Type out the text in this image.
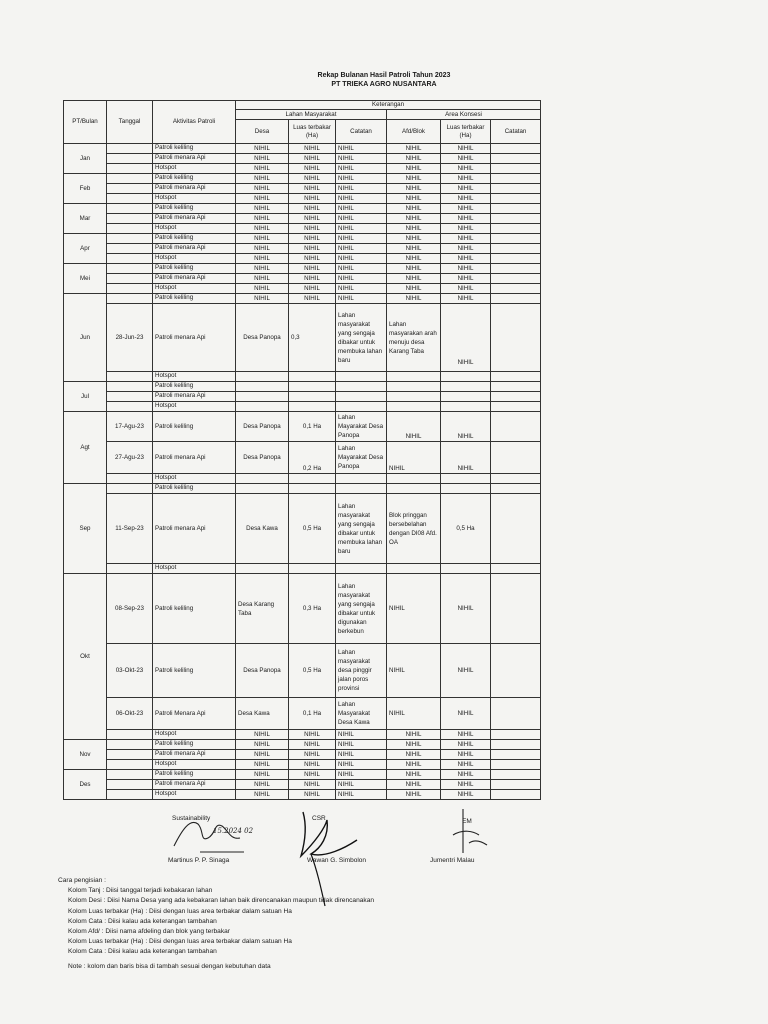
Rekap Bulanan Hasil Patroli Tahun 2023
PT TRIEKA AGRO NUSANTARA
PT/Bulan	Tanggal	Aktivitas Patroli	Keterangan					
			Lahan Masyarakat			Area Konsesi		
			Desa	Luas terbakar (Ha)	Catatan	Afd/Blok	Luas terbakar (Ha)	Catatan
Jan		Patroli keliling	NIHIL	NIHIL	NIHIL	NIHIL	NIHIL	
		Patroli menara Api	NIHIL	NIHIL	NIHIL	NIHIL	NIHIL	
		Hotspot	NIHIL	NIHIL	NIHIL	NIHIL	NIHIL	
Feb		Patroli keliling	NIHIL	NIHIL	NIHIL	NIHIL	NIHIL	
		Patroli menara Api	NIHIL	NIHIL	NIHIL	NIHIL	NIHIL	
		Hotspot	NIHIL	NIHIL	NIHIL	NIHIL	NIHIL	
Mar		Patroli keliling	NIHIL	NIHIL	NIHIL	NIHIL	NIHIL	
		Patroli menara Api	NIHIL	NIHIL	NIHIL	NIHIL	NIHIL	
		Hotspot	NIHIL	NIHIL	NIHIL	NIHIL	NIHIL	
Apr		Patroli keliling	NIHIL	NIHIL	NIHIL	NIHIL	NIHIL	
		Patroli menara Api	NIHIL	NIHIL	NIHIL	NIHIL	NIHIL	
		Hotspot	NIHIL	NIHIL	NIHIL	NIHIL	NIHIL	
Mei		Patroli keliling	NIHIL	NIHIL	NIHIL	NIHIL	NIHIL	
		Patroli menara Api	NIHIL	NIHIL	NIHIL	NIHIL	NIHIL	
		Hotspot	NIHIL	NIHIL	NIHIL	NIHIL	NIHIL	
Jun		Patroli keliling	NIHIL	NIHIL	NIHIL	NIHIL	NIHIL	
	28-Jun-23	Patroli menara Api	Desa Panopa	0,3	Lahan masyarakat yang sengaja dibakar untuk membuka lahan baru	Lahan masyarakan arah menuju desa Karang Taba	NIHIL	
		Hotspot						
Jul		Patroli keliling						
		Patroli menara Api						
		Hotspot						
Agt	17-Agu-23	Patroli keliling	Desa Panopa	0,1 Ha	Lahan Mayarakat Desa Panopa	NIHIL	NIHIL	
	27-Agu-23	Patroli menara Api	Desa Panopa	0,2 Ha	Lahan Mayarakat Desa Panopa	NIHIL	NIHIL	
		Hotspot						
Sep		Patroli keliling						
	11-Sep-23	Patroli menara Api	Desa Kawa	0,5 Ha	Lahan masyarakat yang sengaja dibakar untuk membuka lahan baru	Blok pringgan bersebelahan dengan DI08 Afd. OA	0,5 Ha	
		Hotspot						
Okt	08-Sep-23	Patroli keliling	Desa Karang Taba	0,3 Ha	Lahan masyarakat yang sengaja dibakar untuk digunakan berkebun	NIHIL	NIHIL	
	03-Okt-23	Patroli keliling	Desa Panopa	0,5 Ha	Lahan masyarakat desa pinggir jalan poros provinsi	NIHIL	NIHIL	
	06-Okt-23	Patroli Menara Api	Desa Kawa	0,1 Ha	Lahan Masyarakat Desa Kawa	NIHIL	NIHIL	
		Hotspot	NIHIL	NIHIL	NIHIL	NIHIL	NIHIL	
Nov		Patroli keliling	NIHIL	NIHIL	NIHIL	NIHIL	NIHIL	
		Patroli menara Api	NIHIL	NIHIL	NIHIL	NIHIL	NIHIL	
		Hotspot	NIHIL	NIHIL	NIHIL	NIHIL	NIHIL	
Des		Patroli keliling	NIHIL	NIHIL	NIHIL	NIHIL	NIHIL	
		Patroli menara Api	NIHIL	NIHIL	NIHIL	NIHIL	NIHIL	
		Hotspot	NIHIL	NIHIL	NIHIL	NIHIL	NIHIL	
Sustainability
15.2024 02
Martinus P. P. Sinaga
CSR
Wawan G. Simbolon
EM
Jumentri Malau
Cara pengisian :
Kolom Tanj : Diisi tanggal terjadi kebakaran lahan
Kolom Desi : Diisi Nama Desa yang ada kebakaran lahan baik direncanakan maupun tidak direncanakan
Kolom Luas terbakar (Ha) : Diisi dengan luas area terbakar dalam satuan Ha
Kolom Cata : Diisi kalau ada keterangan tambahan
Kolom Afd/ : Diisi nama afdeling dan blok yang terbakar
Kolom Luas terbakar (Ha) : Diisi dengan luas area terbakar dalam satuan Ha
Kolom Cata : Diisi kalau ada keterangan tambahan
Note : kolom dan baris bisa di tambah sesuai dengan kebutuhan data
